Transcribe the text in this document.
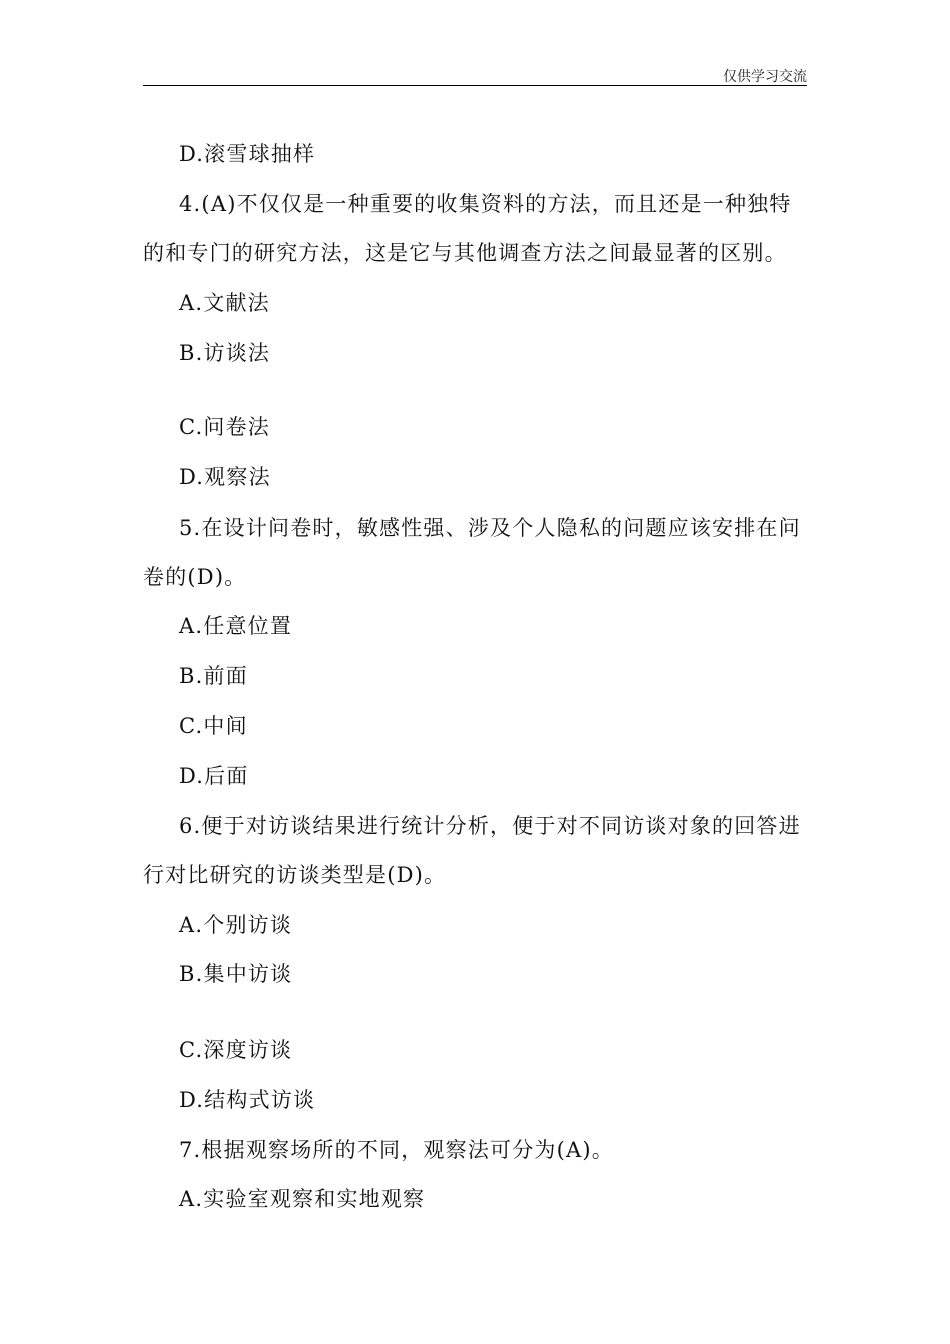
仅供学习交流
D.滚雪球抽样
4.(A)不仅仅是一种重要的收集资料的方法，而且还是一种独特
的和专门的研究方法，这是它与其他调查方法之间最显著的区别。
A.文献法
B.访谈法
C.问卷法
D.观察法
5.在设计问卷时，敏感性强、涉及个人隐私的问题应该安排在问
卷的(D)。
A.任意位置
B.前面
C.中间
D.后面
6.便于对访谈结果进行统计分析，便于对不同访谈对象的回答进
行对比研究的访谈类型是(D)。
A.个别访谈
B.集中访谈
C.深度访谈
D.结构式访谈
7.根据观察场所的不同，观察法可分为(A)。
A.实验室观察和实地观察
